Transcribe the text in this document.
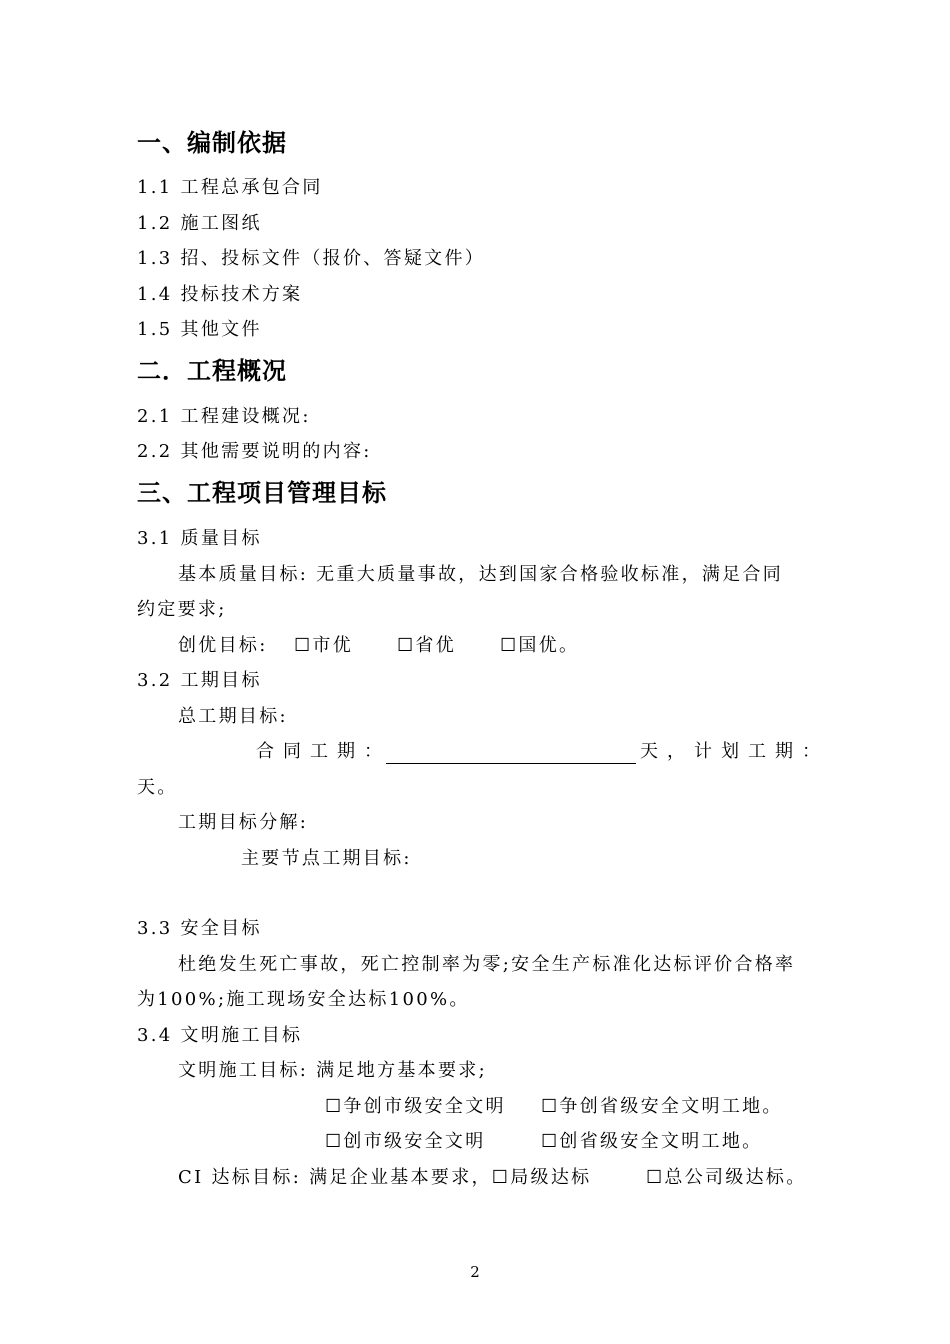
一、编制依据
1.1 工程总承包合同
1.2 施工图纸
1.3 招、投标文件（报价、答疑文件）
1.4 投标技术方案
1.5 其他文件
二．工程概况
2.1 工程建设概况:
2.2 其他需要说明的内容:
三、工程项目管理目标
3.1 质量目标
基本质量目标: 无重大质量事故，达到国家合格验收标准，满足合同
约定要求;
创优目标: ☐市优 ☐省优 ☐国优。
3.2 工期目标
总工期目标:
合同工期：	天，计划工期：
天。
工期目标分解:
主要节点工期目标:
3.3 安全目标
杜绝发生死亡事故，死亡控制率为零;安全生产标准化达标评价合格率
为100%;施工现场安全达标100%。
3.4 文明施工目标
文明施工目标: 满足地方基本要求;
☐争创市级安全文明 ☐争创省级安全文明工地。
☐创市级安全文明	☐创省级安全文明工地。
CI 达标目标: 满足企业基本要求，☐局级达标	☐总公司级达标。
2
